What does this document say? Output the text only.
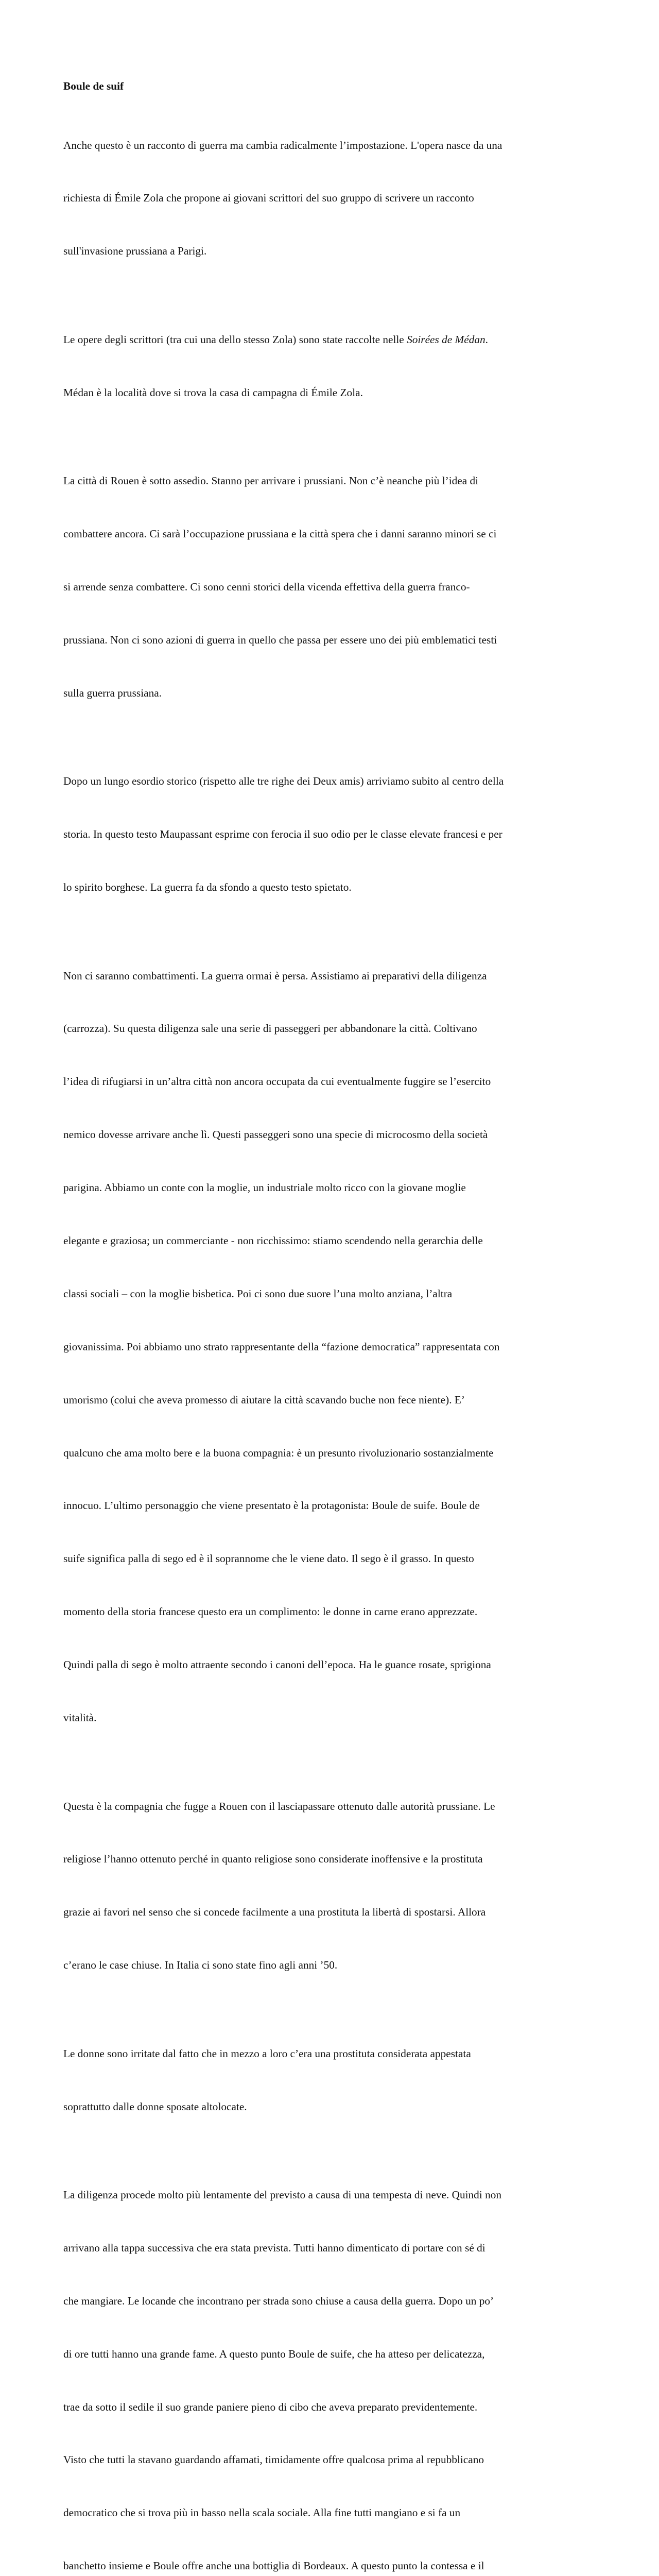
Boule de suif

Anche questo è un racconto di guerra ma cambia radicalmente l’impostazione. L'opera nasce da una

richiesta di Émile Zola che propone ai giovani scrittori del suo gruppo di scrivere un racconto

sull'invasione prussiana a Parigi.

Le opere degli scrittori (tra cui una dello stesso Zola) sono state raccolte nelle Soirées de Médan.

Médan è la località dove si trova la casa di campagna di Émile Zola.

La città di Rouen è sotto assedio. Stanno per arrivare i prussiani. Non c’è neanche più l’idea di

combattere ancora. Ci sarà l’occupazione prussiana e la città spera che i danni saranno minori se ci

si arrende senza combattere. Ci sono cenni storici della vicenda effettiva della guerra franco-

prussiana. Non ci sono azioni di guerra in quello che passa per essere uno dei più emblematici testi

sulla guerra prussiana.

Dopo un lungo esordio storico (rispetto alle tre righe dei Deux amis) arriviamo subito al centro della

storia. In questo testo Maupassant esprime con ferocia il suo odio per le classe elevate francesi e per

lo spirito borghese. La guerra fa da sfondo a questo testo spietato.

Non ci saranno combattimenti. La guerra ormai è persa. Assistiamo ai preparativi della diligenza

(carrozza). Su questa diligenza sale una serie di passeggeri per abbandonare la città. Coltivano

l’idea di rifugiarsi in un’altra città non ancora occupata da cui eventualmente fuggire se l’esercito

nemico dovesse arrivare anche lì. Questi passeggeri sono una specie di microcosmo della società

parigina. Abbiamo un conte con la moglie, un industriale molto ricco con la giovane moglie

elegante e graziosa; un commerciante - non ricchissimo: stiamo scendendo nella gerarchia delle

classi sociali – con la moglie bisbetica. Poi ci sono due suore l’una molto anziana, l’altra

giovanissima. Poi abbiamo uno strato rappresentante della “fazione democratica” rappresentata con

umorismo (colui che aveva promesso di aiutare la città scavando buche non fece niente). E’

qualcuno che ama molto bere e la buona compagnia: è un presunto rivoluzionario sostanzialmente

innocuo. L’ultimo personaggio che viene presentato è la protagonista: Boule de suife. Boule de

suife significa palla di sego ed è il soprannome che le viene dato. Il sego è il grasso. In questo

momento della storia francese questo era un complimento: le donne in carne erano apprezzate.

Quindi palla di sego è molto attraente secondo i canoni dell’epoca. Ha le guance rosate, sprigiona

vitalità.

Questa è la compagnia che fugge a Rouen con il lasciapassare ottenuto dalle autorità prussiane. Le

religiose l’hanno ottenuto perché in quanto religiose sono considerate inoffensive e la prostituta

grazie ai favori nel senso che si concede facilmente a una prostituta la libertà di spostarsi. Allora

c’erano le case chiuse. In Italia ci sono state fino agli anni ’50.

Le donne sono irritate dal fatto che in mezzo a loro c’era una prostituta considerata appestata

soprattutto dalle donne sposate altolocate.

La diligenza procede molto più lentamente del previsto a causa di una tempesta di neve. Quindi non

arrivano alla tappa successiva che era stata prevista. Tutti hanno dimenticato di portare con sé di

che mangiare. Le locande che incontrano per strada sono chiuse a causa della guerra. Dopo un po’

di ore tutti hanno una grande fame. A questo punto Boule de suife, che ha atteso per delicatezza,

trae da sotto il sedile il suo grande paniere pieno di cibo che aveva preparato previdentemente.

Visto che tutti la stavano guardando affamati, timidamente offre qualcosa prima al repubblicano

democratico che si trova più in basso nella scala sociale. Alla fine tutti mangiano e si fa un

banchetto insieme e Boule offre anche una bottiglia di Bordeaux. A questo punto la contessa e il
